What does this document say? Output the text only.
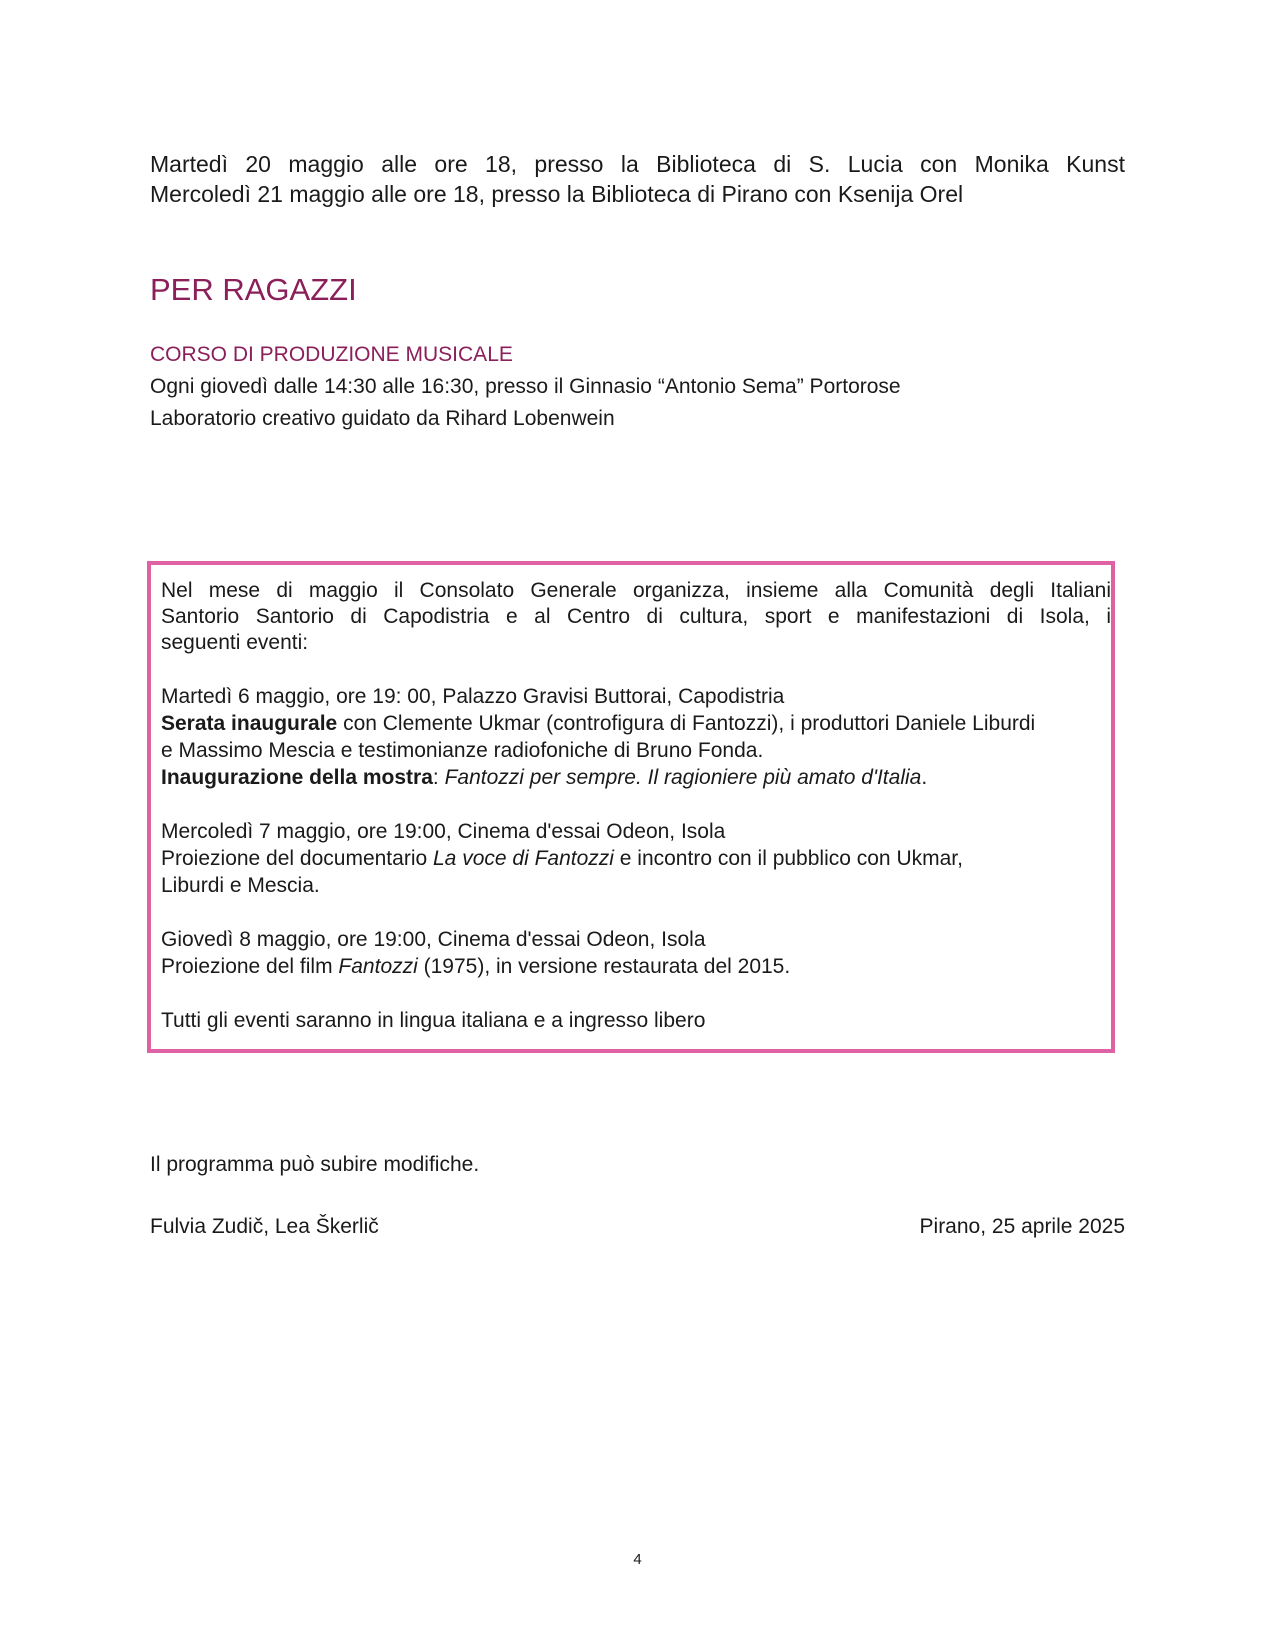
Martedì 20 maggio alle ore 18, presso la Biblioteca di S. Lucia con Monika Kunst
Mercoledì 21 maggio alle ore 18, presso la Biblioteca di Pirano con Ksenija Orel
PER RAGAZZI
CORSO DI PRODUZIONE MUSICALE
Ogni giovedì dalle 14:30 alle 16:30, presso il Ginnasio “Antonio Sema” Portorose
Laboratorio creativo guidato da Rihard Lobenwein
Nel mese di maggio il Consolato Generale organizza, insieme alla Comunità degli Italiani
Santorio Santorio di Capodistria e al Centro di cultura, sport e manifestazioni di Isola, i
seguenti eventi:
Martedì 6 maggio, ore 19: 00, Palazzo Gravisi Buttorai, Capodistria
Serata inaugurale con Clemente Ukmar (controfigura di Fantozzi), i produttori Daniele Liburdi
e Massimo Mescia e testimonianze radiofoniche di Bruno Fonda.
Inaugurazione della mostra: Fantozzi per sempre. Il ragioniere più amato d'Italia.
Mercoledì 7 maggio, ore 19:00, Cinema d'essai Odeon, Isola
Proiezione del documentario La voce di Fantozzi e incontro con il pubblico con Ukmar,
Liburdi e Mescia.
Giovedì 8 maggio, ore 19:00, Cinema d'essai Odeon, Isola
Proiezione del film Fantozzi (1975), in versione restaurata del 2015.
Tutti gli eventi saranno in lingua italiana e a ingresso libero
Il programma può subire modifiche.
Fulvia Zudič, Lea Škerlič	Pirano, 25 aprile 2025
4
